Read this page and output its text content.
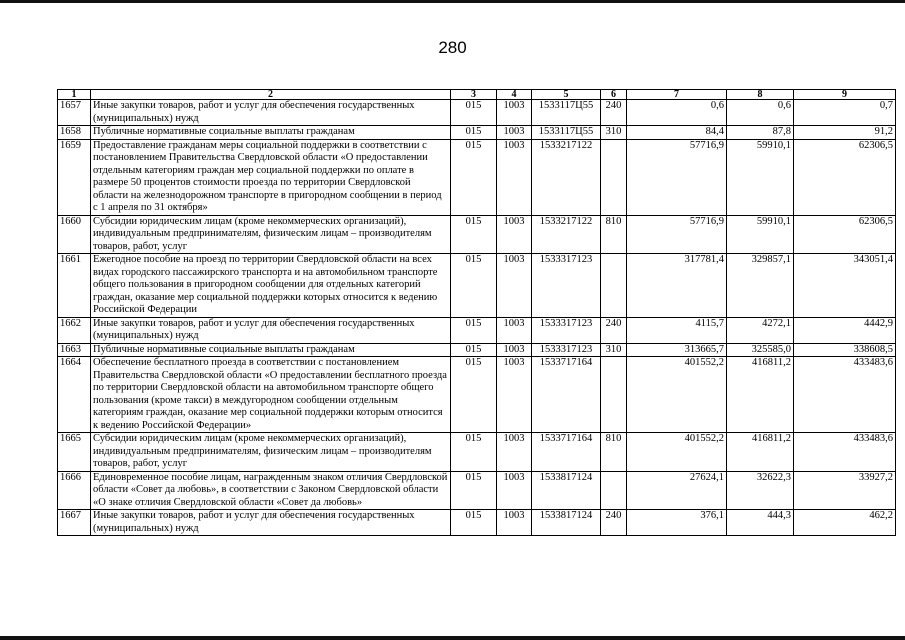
280
1	2	3	4	5	6	7	8	9
1657	Иные закупки товаров, работ и услуг для обеспечения государственных (муниципальных) нужд	015	1003	1533117Ц55	240	0,6	0,6	0,7
1658	Публичные нормативные социальные выплаты гражданам	015	1003	1533117Ц55	310	84,4	87,8	91,2
1659	Предоставление гражданам меры социальной поддержки в соответствии с постановлением Правительства Свердловской области «О предоставлении отдельным категориям граждан мер социальной поддержки по оплате в размере 50 процентов стоимости проезда по территории Свердловской области на железнодорожном транспорте в пригородном сообщении в период с 1 апреля по 31 октября»	015	1003	1533217122		57716,9	59910,1	62306,5
1660	Субсидии юридическим лицам (кроме некоммерческих организаций), индивидуальным предпринимателям, физическим лицам – производителям товаров, работ, услуг	015	1003	1533217122	810	57716,9	59910,1	62306,5
1661	Ежегодное пособие на проезд по территории Свердловской области на всех видах городского пассажирского транспорта и на автомобильном транспорте общего пользования в пригородном сообщении для отдельных категорий граждан, оказание мер социальной поддержки которых относится к ведению Российской Федерации	015	1003	1533317123		317781,4	329857,1	343051,4
1662	Иные закупки товаров, работ и услуг для обеспечения государственных (муниципальных) нужд	015	1003	1533317123	240	4115,7	4272,1	4442,9
1663	Публичные нормативные социальные выплаты гражданам	015	1003	1533317123	310	313665,7	325585,0	338608,5
1664	Обеспечение бесплатного проезда в соответствии с постановлением Правительства Свердловской области «О предоставлении бесплатного проезда по территории Свердловской области на автомобильном транспорте общего пользования (кроме такси) в междугородном сообщении отдельным категориям граждан, оказание мер социальной поддержки которым относится к ведению Российской Федерации»	015	1003	1533717164		401552,2	416811,2	433483,6
1665	Субсидии юридическим лицам (кроме некоммерческих организаций), индивидуальным предпринимателям, физическим лицам – производителям товаров, работ, услуг	015	1003	1533717164	810	401552,2	416811,2	433483,6
1666	Единовременное пособие лицам, награжденным знаком отличия Свердловской области «Совет да любовь», в соответствии с Законом Свердловской области «О знаке отличия Свердловской области «Совет да любовь»	015	1003	1533817124		27624,1	32622,3	33927,2
1667	Иные закупки товаров, работ и услуг для обеспечения государственных (муниципальных) нужд	015	1003	1533817124	240	376,1	444,3	462,2
